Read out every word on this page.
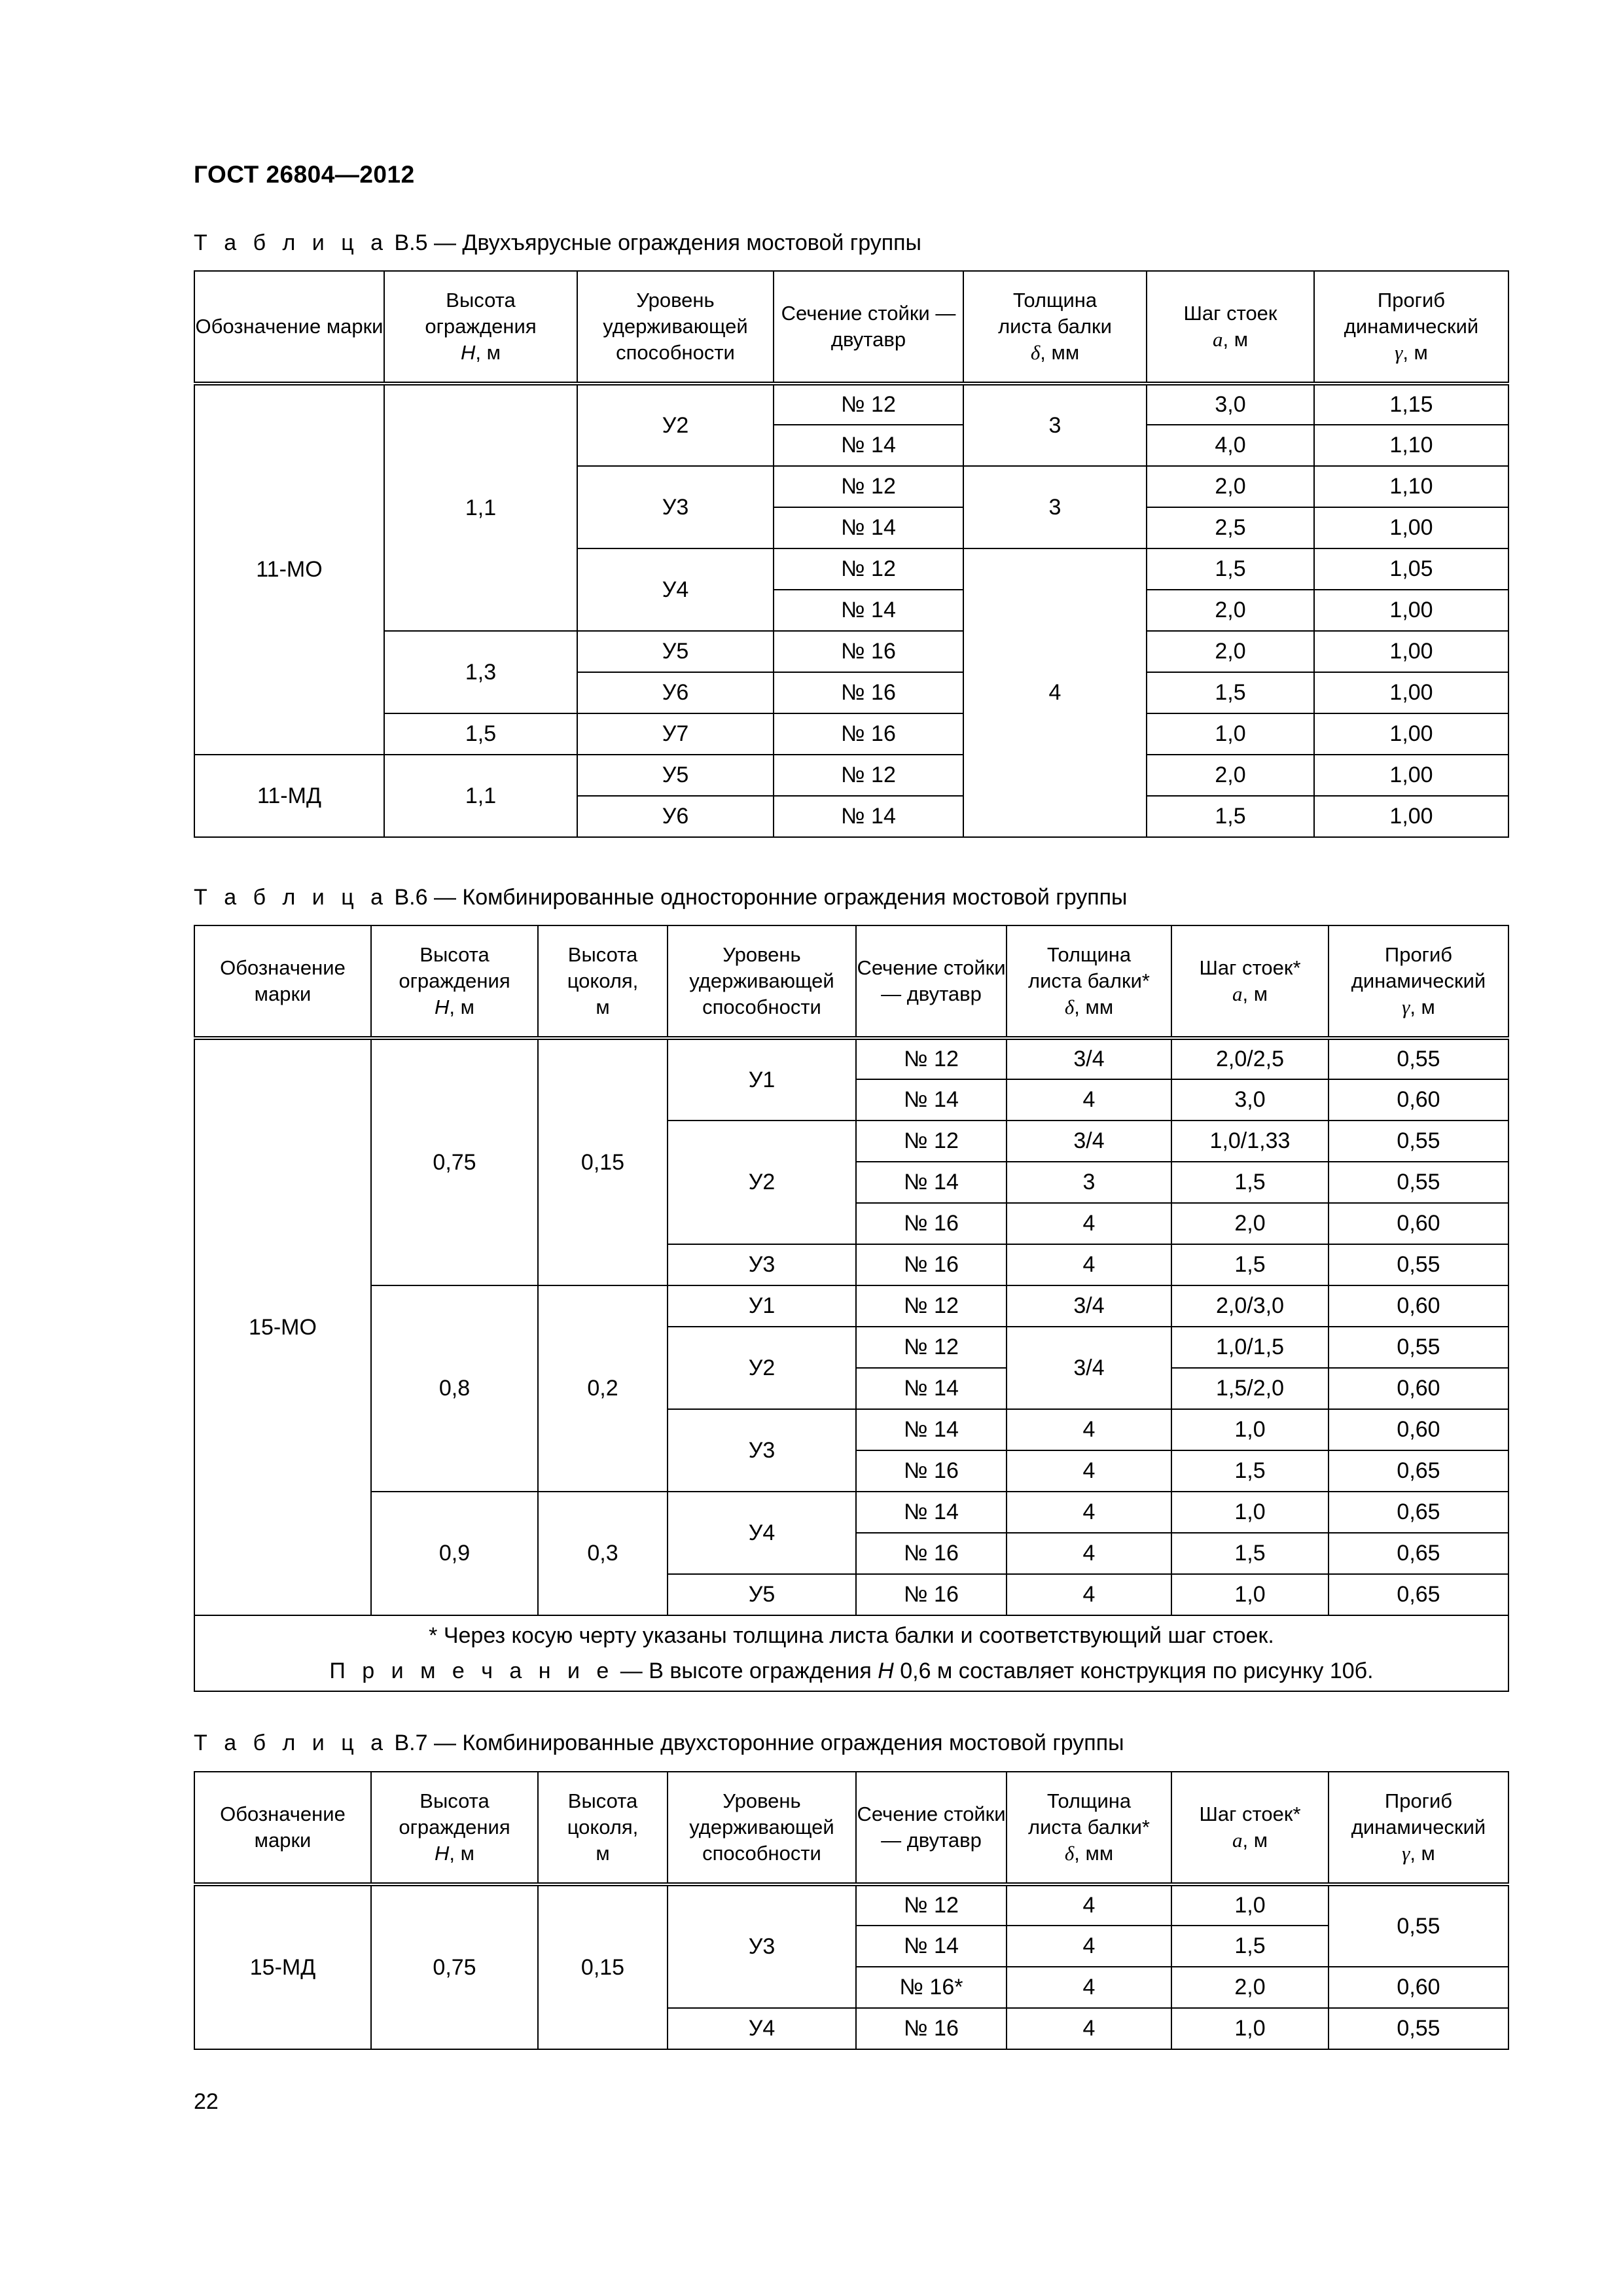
ГОСТ 26804—2012
Т а б л и ц а В.5 — Двухъярусные ограждения мостовой группы
Обозначение марки	Высота
ограждения
H, м	Уровень удерживающей способности	Сечение стойки — двутавр	Толщина
листа балки
δ, мм	Шаг стоек
a, м	Прогиб
динамический
γ, м
11-МО	1,1	У2	№ 12	3	3,0	1,15
			№ 14		4,0	1,10
		У3	№ 12	3	2,0	1,10
			№ 14		2,5	1,00
		У4	№ 12	4	1,5	1,05
			№ 14		2,0	1,00
	1,3	У5	№ 16		2,0	1,00
		У6	№ 16		1,5	1,00
	1,5	У7	№ 16		1,0	1,00
11-МД	1,1	У5	№ 12		2,0	1,00
		У6	№ 14		1,5	1,00
Т а б л и ц а В.6 — Комбинированные односторонние ограждения мостовой группы
Обозначение марки	Высота
ограждения
H, м	Высота
цоколя,
м	Уровень удерживающей способности	Сечение стойки — двутавр	Толщина
листа балки*
δ, мм	Шаг стоек*
a, м	Прогиб
динамический
γ, м
15-МО	0,75	0,15	У1	№ 12	3/4	2,0/2,5	0,55
				№ 14	4	3,0	0,60
			У2	№ 12	3/4	1,0/1,33	0,55
				№ 14	3	1,5	0,55
				№ 16	4	2,0	0,60
			У3	№ 16	4	1,5	0,55
	0,8	0,2	У1	№ 12	3/4	2,0/3,0	0,60
			У2	№ 12	3/4	1,0/1,5	0,55
				№ 14		1,5/2,0	0,60
			У3	№ 14	4	1,0	0,60
				№ 16	4	1,5	0,65
	0,9	0,3	У4	№ 14	4	1,0	0,65
				№ 16	4	1,5	0,65
			У5	№ 16	4	1,0	0,65

* Через косую черту указаны толщина листа балки и соответствующий шаг стоек.
П р и м е ч а н и е — В высоте ограждения H 0,6 м составляет конструкция по рисунку 10б.							
Т а б л и ц а В.7 — Комбинированные двухсторонние ограждения мостовой группы
Обозначение марки	Высота
ограждения
H, м	Высота
цоколя,
м	Уровень удерживающей способности	Сечение стойки — двутавр	Толщина
листа балки*
δ, мм	Шаг стоек*
a, м	Прогиб
динамический
γ, м
15-МД	0,75	0,15	У3	№ 12	4	1,0	0,55
				№ 14	4	1,5	
				№ 16*	4	2,0	0,60
			У4	№ 16	4	1,0	0,55
22
